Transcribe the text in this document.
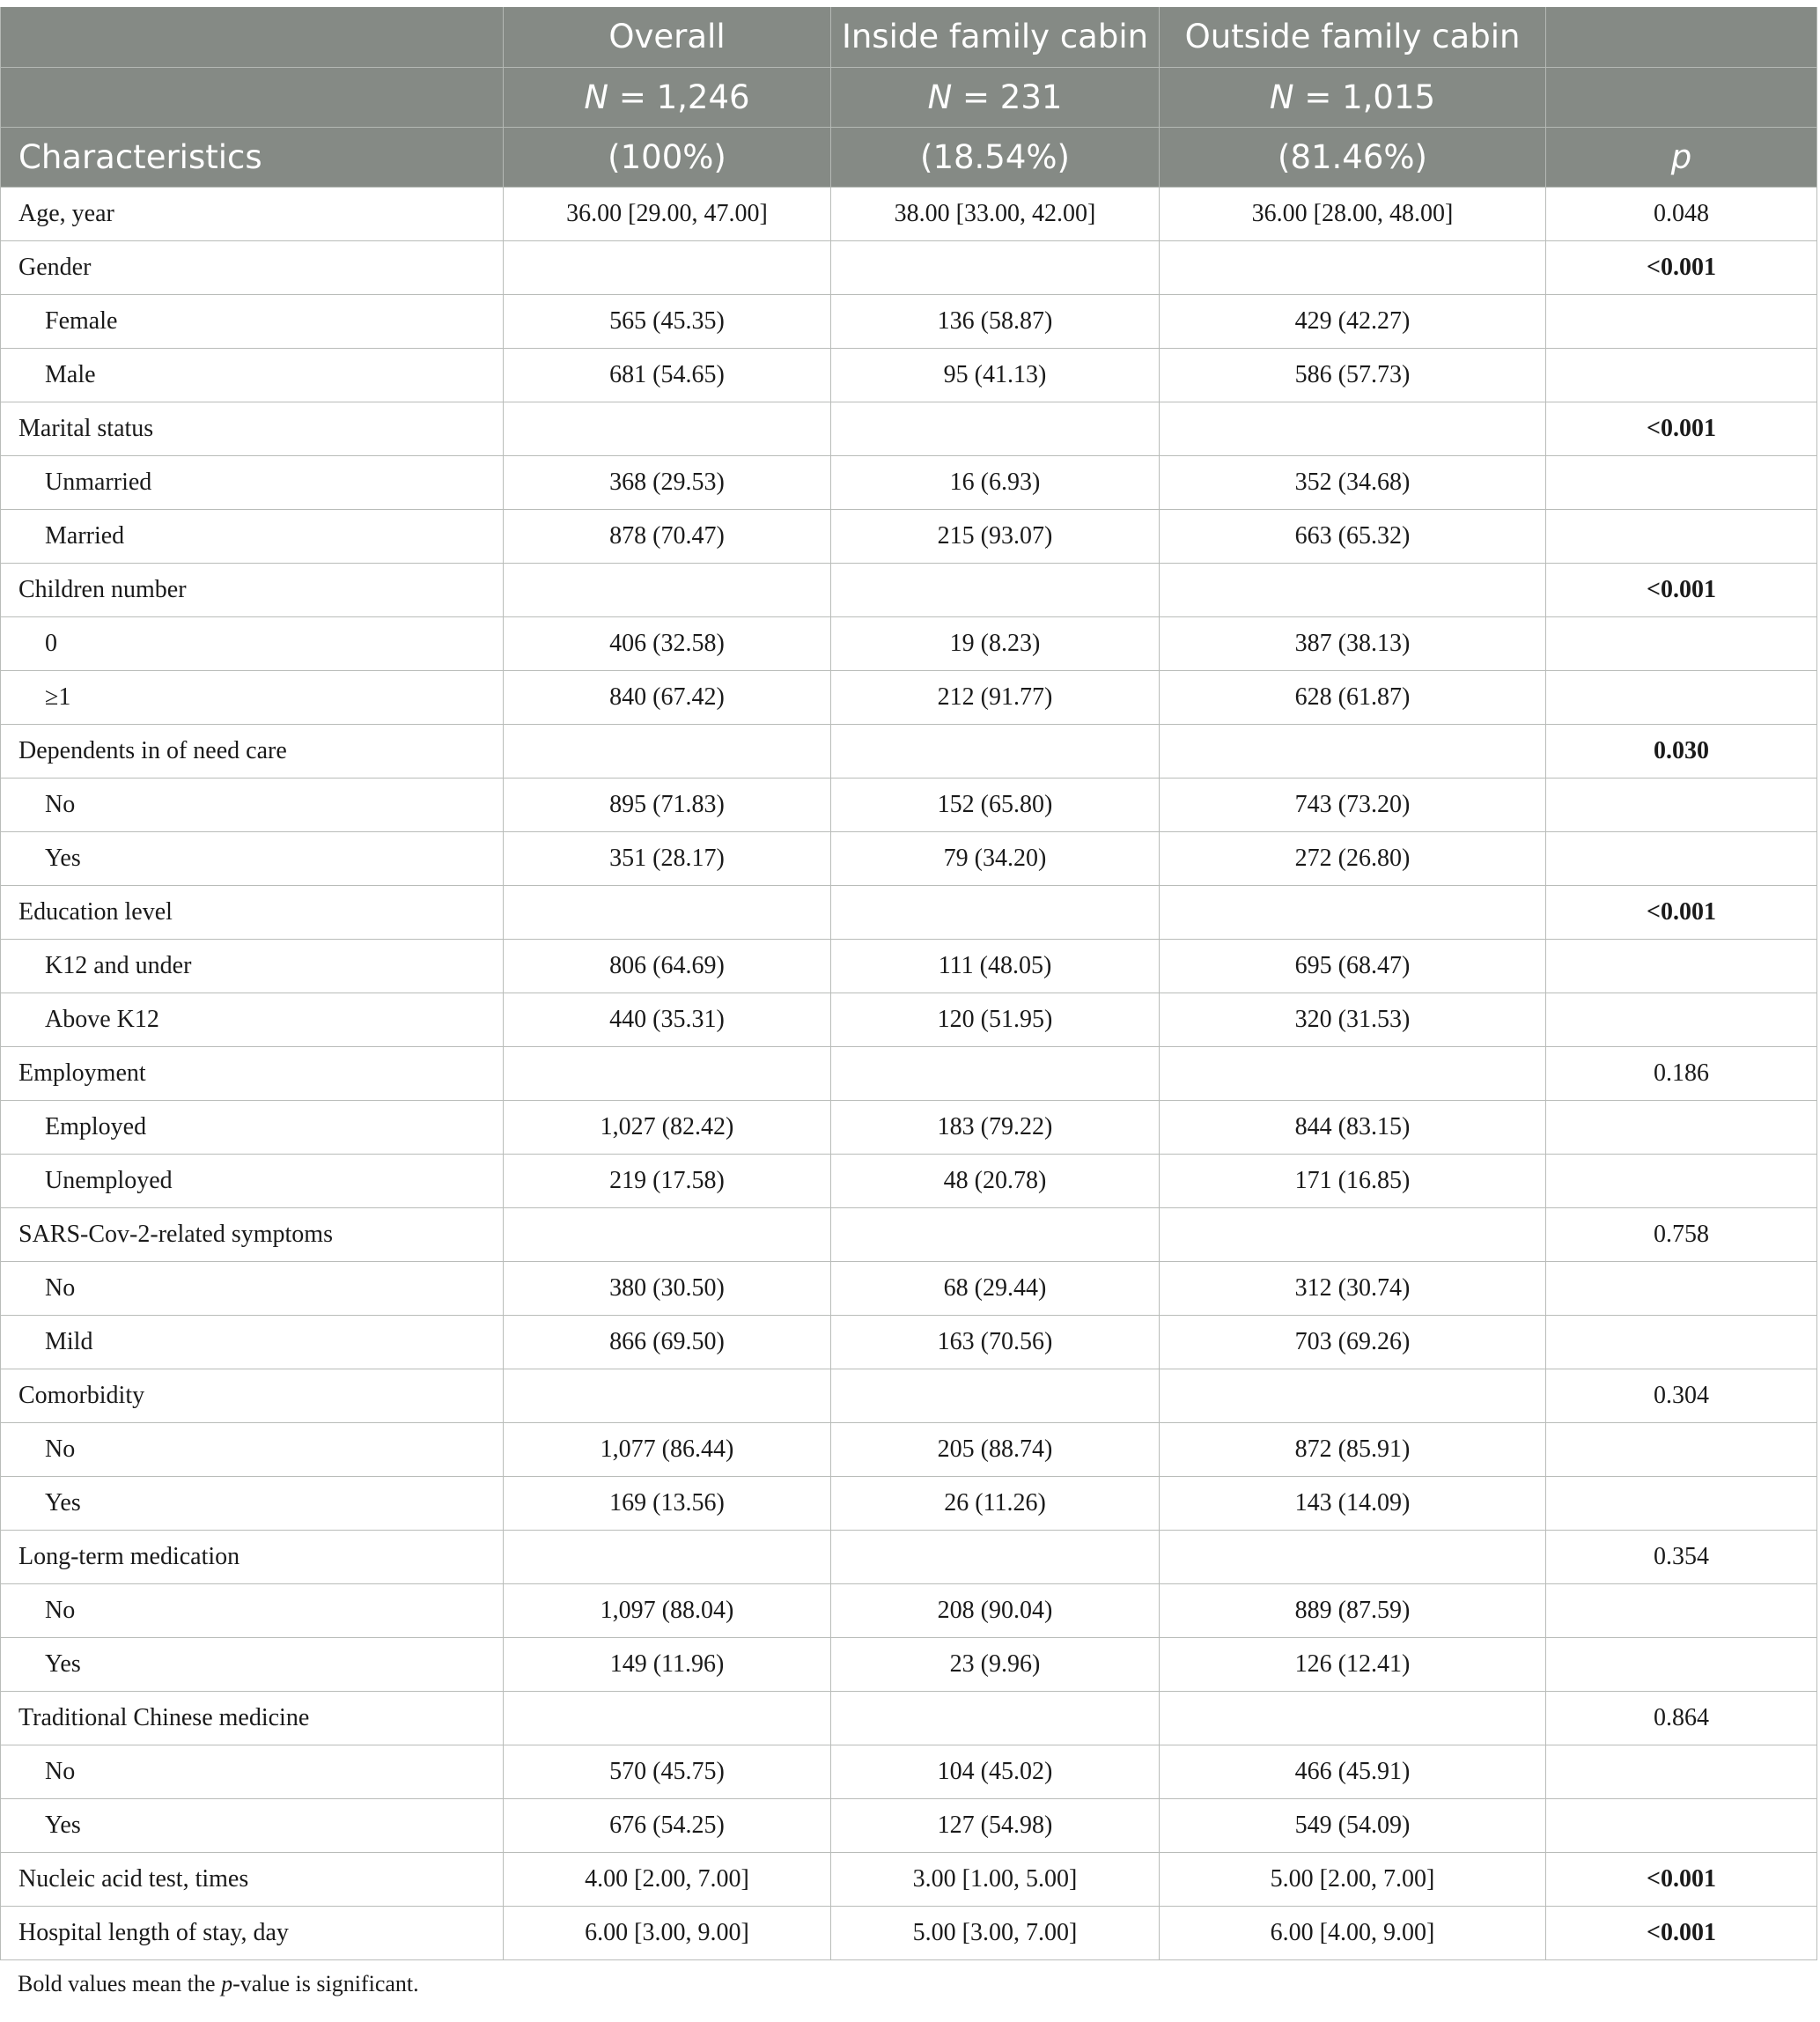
	Overall	Inside family cabin	Outside family cabin	
	N = 1,246	N = 231	N = 1,015	
Characteristics	(100%)	(18.54%)	(81.46%)	p
Age, year	36.00 [29.00, 47.00]	38.00 [33.00, 42.00]	36.00 [28.00, 48.00]	0.048
Gender				<0.001
Female	565 (45.35)	136 (58.87)	429 (42.27)	
Male	681 (54.65)	95 (41.13)	586 (57.73)	
Marital status				<0.001
Unmarried	368 (29.53)	16 (6.93)	352 (34.68)	
Married	878 (70.47)	215 (93.07)	663 (65.32)	
Children number				<0.001
0	406 (32.58)	19 (8.23)	387 (38.13)	
≥1	840 (67.42)	212 (91.77)	628 (61.87)	
Dependents in of need care				0.030
No	895 (71.83)	152 (65.80)	743 (73.20)	
Yes	351 (28.17)	79 (34.20)	272 (26.80)	
Education level				<0.001
K12 and under	806 (64.69)	111 (48.05)	695 (68.47)	
Above K12	440 (35.31)	120 (51.95)	320 (31.53)	
Employment				0.186
Employed	1,027 (82.42)	183 (79.22)	844 (83.15)	
Unemployed	219 (17.58)	48 (20.78)	171 (16.85)	
SARS-Cov-2-related symptoms				0.758
No	380 (30.50)	68 (29.44)	312 (30.74)	
Mild	866 (69.50)	163 (70.56)	703 (69.26)	
Comorbidity				0.304
No	1,077 (86.44)	205 (88.74)	872 (85.91)	
Yes	169 (13.56)	26 (11.26)	143 (14.09)	
Long-term medication				0.354
No	1,097 (88.04)	208 (90.04)	889 (87.59)	
Yes	149 (11.96)	23 (9.96)	126 (12.41)	
Traditional Chinese medicine				0.864
No	570 (45.75)	104 (45.02)	466 (45.91)	
Yes	676 (54.25)	127 (54.98)	549 (54.09)	
Nucleic acid test, times	4.00 [2.00, 7.00]	3.00 [1.00, 5.00]	5.00 [2.00, 7.00]	<0.001
Hospital length of stay, day	6.00 [3.00, 9.00]	5.00 [3.00, 7.00]	6.00 [4.00, 9.00]	<0.001
Bold values mean the p-value is significant.
